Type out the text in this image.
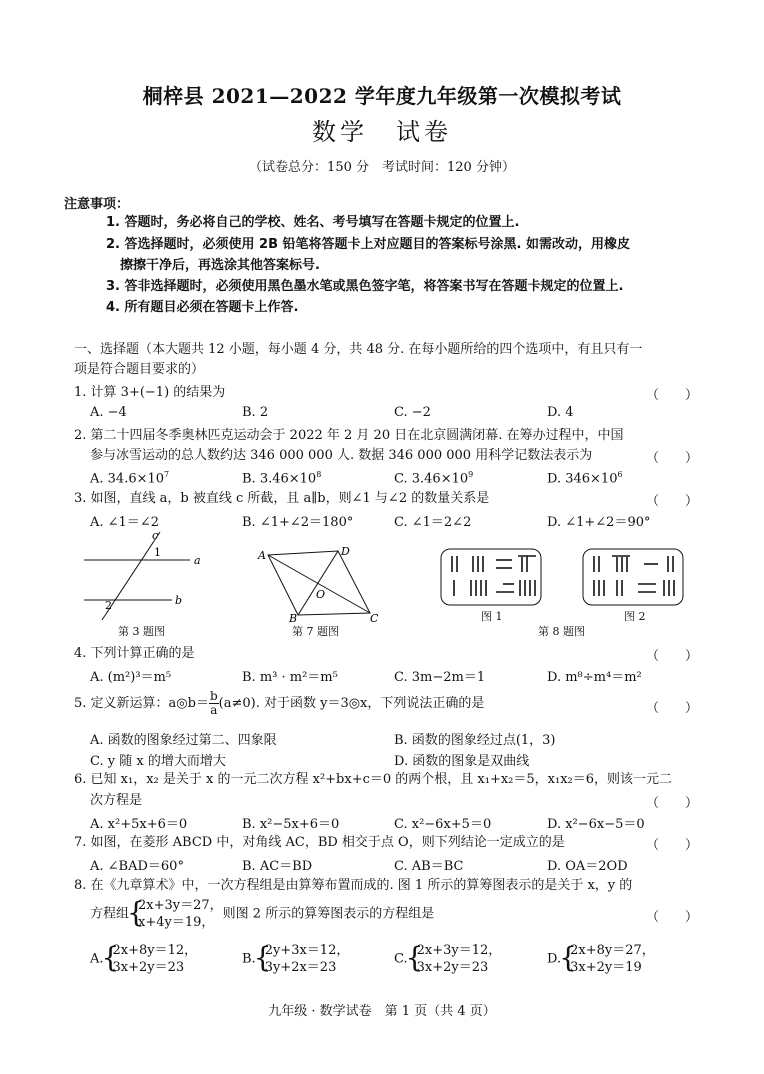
桐梓县 2021—2022 学年度九年级第一次模拟考试
数学　试卷
（试卷总分：150 分　考试时间：120 分钟）
注意事项：
1. 答题时，务必将自己的学校、姓名、考号填写在答题卡规定的位置上.
2. 答选择题时，必须使用 2B 铅笔将答题卡上对应题目的答案标号涂黑. 如需改动，用橡皮
擦擦干净后，再选涂其他答案标号.
3. 答非选择题时，必须使用黑色墨水笔或黑色签字笔，将答案书写在答题卡规定的位置上.
4. 所有题目必须在答题卡上作答.
一、选择题（本大题共 12 小题，每小题 4 分，共 48 分. 在每小题所给的四个选项中，有且只有一
项是符合题目要求的）
1. 计算 3+(−1) 的结果为	（　　）
A. −4	B. 2	C. −2	D. 4
2. 第二十四届冬季奥林匹克运动会于 2022 年 2 月 20 日在北京圆满闭幕. 在筹办过程中，中国
参与冰雪运动的总人数约达 346 000 000 人. 数据 346 000 000 用科学记数法表示为	（　　）
A. $34.6\times 10^7$	B. $3.46\times 10^8$	C. $3.46\times 10^9$	D. $346\times 10^6$
3. 如图，直线 a，b 被直线 c 所截，且 a∥b，则∠1 与∠2 的数量关系是	（　　）
A. ∠1＝∠2	B. ∠1+∠2＝180°	C. ∠1＝2∠2	D. ∠1+∠2＝90°
c
a
b
1
2
第 3 题图
A	D
B	C
O
第 7 题图
图 1	图 2
第 8 题图
4. 下列计算正确的是	（　　）
A. (m²)³＝m⁵	B. m³ · m²＝m⁵	C. 3m−2m＝1	D. m⁸÷m⁴＝m²
5. 定义新运算：a◎b＝ $\frac{b}{a} (a\ne 0)$. 对于函数 y＝3◎x，下列说法正确的是	（　　）
A. 函数的图象经过第二、四象限	B. 函数的图象经过点(1，3)
C. y 随 x 的增大而增大	D. 函数的图象是双曲线
6. 已知 x₁，x₂ 是关于 x 的一元二次方程 x²+bx+c＝0 的两个根，且 x₁+x₂＝5，x₁x₂＝6，则该一元二
次方程是	（　　）
A. x²+5x+6＝0	B. x²−5x+6＝0	C. x²−6x+5＝0	D. x²−6x−5＝0
7. 如图，在菱形 ABCD 中，对角线 AC，BD 相交于点 O，则下列结论一定成立的是	（　　）
A. ∠BAD＝60°	B. AC＝BD	C. AB＝BC	D. OA＝2OD
8. 在《九章算术》中，一次方程组是由算筹布置而成的. 图 1 所示的算筹图表示的是关于 x，y 的
方程组
{ 2x+3y＝27，
x+4y＝19，
则图 2 所示的算筹图表示的方程组是	（　　）
A.
{ 2x+8y＝12，
3x+2y＝23
B.
{ 2y+3x＝12，
3y+2x＝23
C.
{ 2x+3y＝12，
3x+2y＝23
D.
{ 2x+8y＝27，
3x+2y＝19
九年级 · 数学试卷　第 1 页（共 4 页）
